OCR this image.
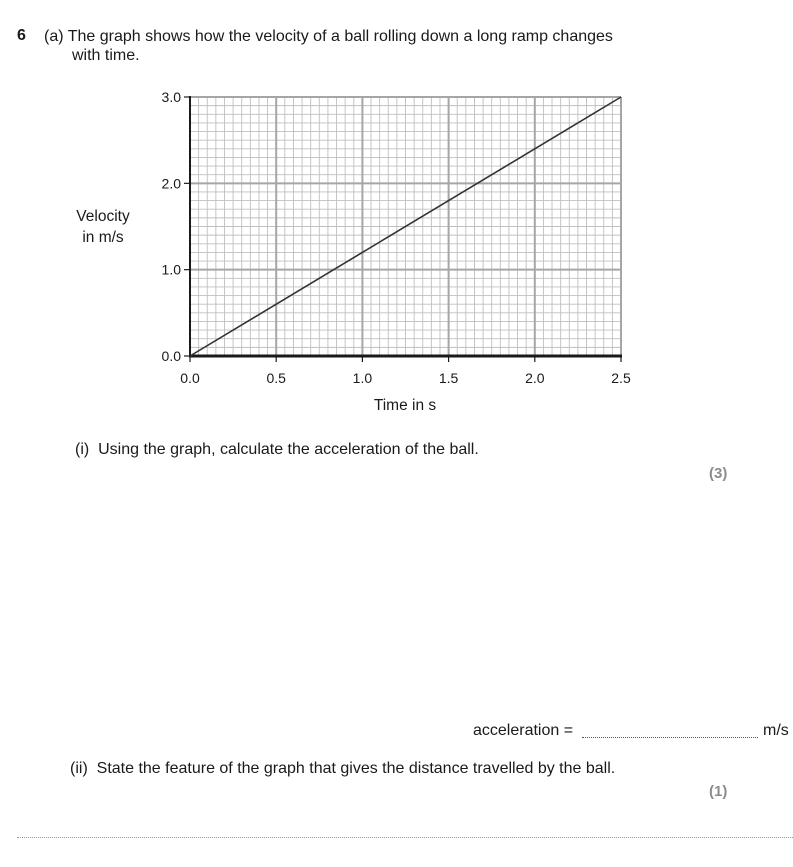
6 (a) The graph shows how the velocity of a ball rolling down a long ramp changes
with time.
0.0	0.5	1.0	1.5	2.0	2.5
0.0
1.0
2.0
3.0
Velocity
in m/s
Time in s
(i) Using the graph, calculate the acceleration of the ball.
(3)
acceleration =	m/s
(ii) State the feature of the graph that gives the distance travelled by the ball.
(1)
